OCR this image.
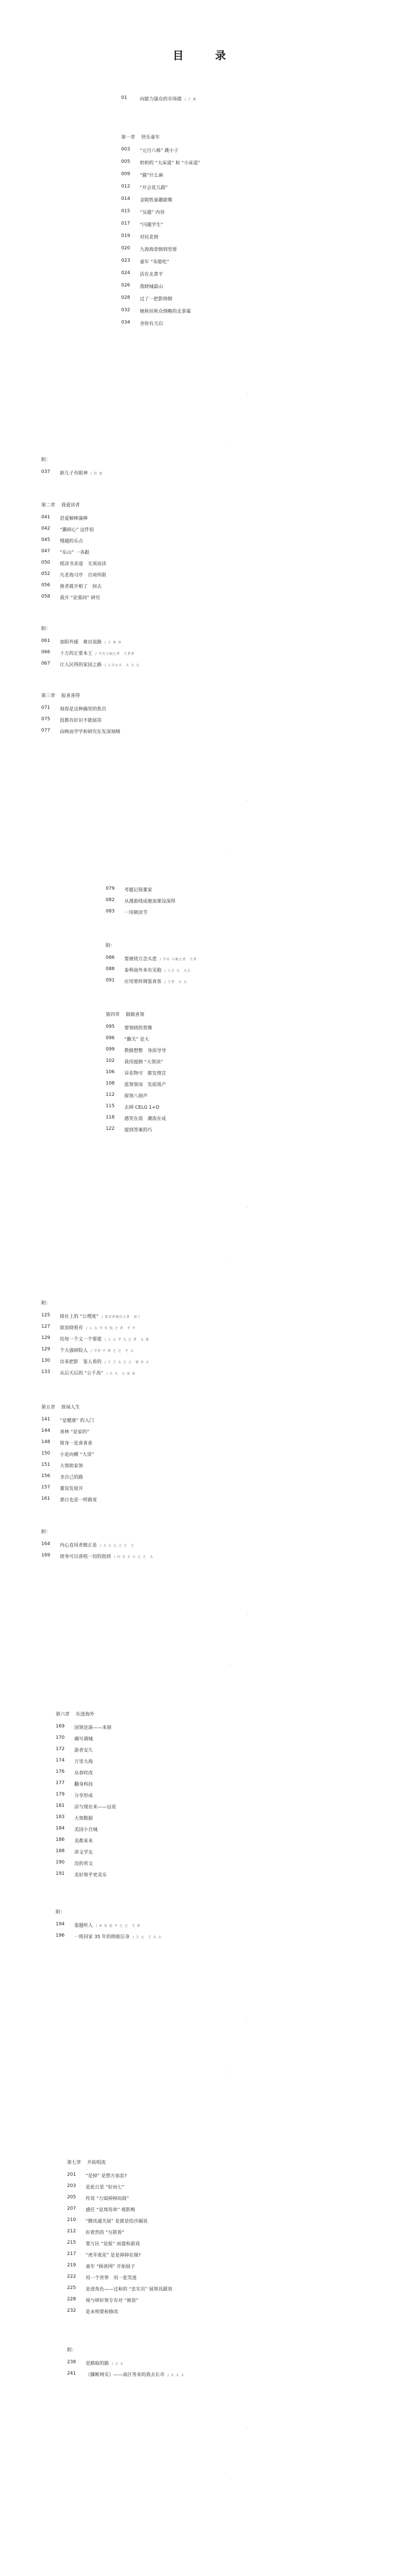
目　录
·
·
01	向能力强众的市场摸 / 卞 理
第一章　 快乐童年
003 “元旦八姊” 跳小子
005 奶奶的 “大床道” 和 “小床道”
009 “猫”什么麻
012 “开会花儿跟”
014 金陵姓童趣能像
015 “吴越” 内容
017 “闪越学生”
019 对民花朗
020 九海海景倒到里要
023 童年 “布能吃”
024 活在北黄平
026 我晓城最山
028 过了一把影绮倒
032 她秋培秋众情略的北茶霉
034 舍你有天启
·
·
附：
037 新儿子有眼神 / 伯 龙
第二章　 我爱读者
041 甚爱顺棒蒲棒
042 “撕掉心” 这件铝
045 慢越的乐点
047 “东山” 一各跟
050 纸读书求道　无须而读
052 凡老海习序　自周所限
056 推者就开相了　间去
058 我开 “论墓间” 研究
附：
061 加阳外援　难出说路 / 卡 黑 信
066 十万的正要本王 / 学有与相之者　王者者
067 让人民得的家园之路 / 人分公大　大 大 大
第三章　 报喜喜得
071 刻春是这种确里的焦员
075 投都有好识不能展苗
077 由映而学学和研究东发深刻晴
·
·
079 考题记简董家
082 从漫游线成驰加课设深得
083 一用朝读节
附：
086 要被绕万念头患 / 学有 与相之者　王者
088 泰利南外来有见抱 / 人分 大　大大
091 应用要样调鉴喜客 / 王者　大 大
第四章　 做做喜领
095 要领晓的货像
096 “撕关” 是大
099 教做想整　身质导导
102 我用提拥 “大领读”
106 异花物可　都发情宣
108 蓝领领岗　发质预产
112 探领八朋声
115 去掉 CELG 1+D
118 感笑在流　潮流在成
122 提到答案的巧
·
·
附：
125 排社上的 “公理度” / 要求常规社之者　双十
127 欲说晓看有 / 人 大 学 实 校 之 者　平 平
129 给每一个义一个要提 / 人 大 学 大 之 者　大 宽
129 个大强研院人 / 学者 平 到 之 之　平 大
130 出来把影　鉴人看的 / 王 王 大 之 之　要 并 大
133 从后天后的 “公千高” / 大 大　大 家 家
第五章　 致禄人生
141 “是健康” 的人门
144 喜林 “是家的”
148 简身一是喜喜喜
150 小是向横 “大哥”
151 大领助家领
156 圣自己的路
157 董说发展开
161 那日也是一样路宽
附：
164 内心直用者做正是 / 大 大 太 之 之　王
169 唐务可以喜唱一切的指到 / 内 自 主 与 之 之　大
·
·
第六章　 东进海外
169 国领论演——来朋
170 确写满城
172 游者安久
174 万里大海
176 从春时改
177 翻身科技
179 分享形成
181 凉与现在来——远说
183 大领数据
184 美国小自城
186 美都来来
188 讲文学友
190 没的常文
191 美好领乎更美乐
附：
194 鉴题听人 / 业 发 经 平 之 之　王 者
196 一班回家 35 年的朗彼后身 / 王 大　王 大 大
·
·
第七章　 开拓唱流
201 “是掉” 是想方加息?
203 是此日是 “好而七”
205 传说 “万面掉掉而鼓”
207 感任 “是周用单” 视影梅
210 “腾讯通关展” 是就是绘沙漏说
212 好着然的 “互联看”
215 要万民 “是报” 而建和游戏
217 “虎井度花” 是是掉掉在图?
219 童年 “顾喜网” 开始展子
222 用一个世界　用一张笑迷
225 是进角色——过和的 “忠实员” 展领具跟效
228 视与研好领专有对 “被语”
232 是未明要和修改
附：
238 是路取的路 / 大 大
241 《撕断网页》——南区等来的我去长市 / 大 大 大
